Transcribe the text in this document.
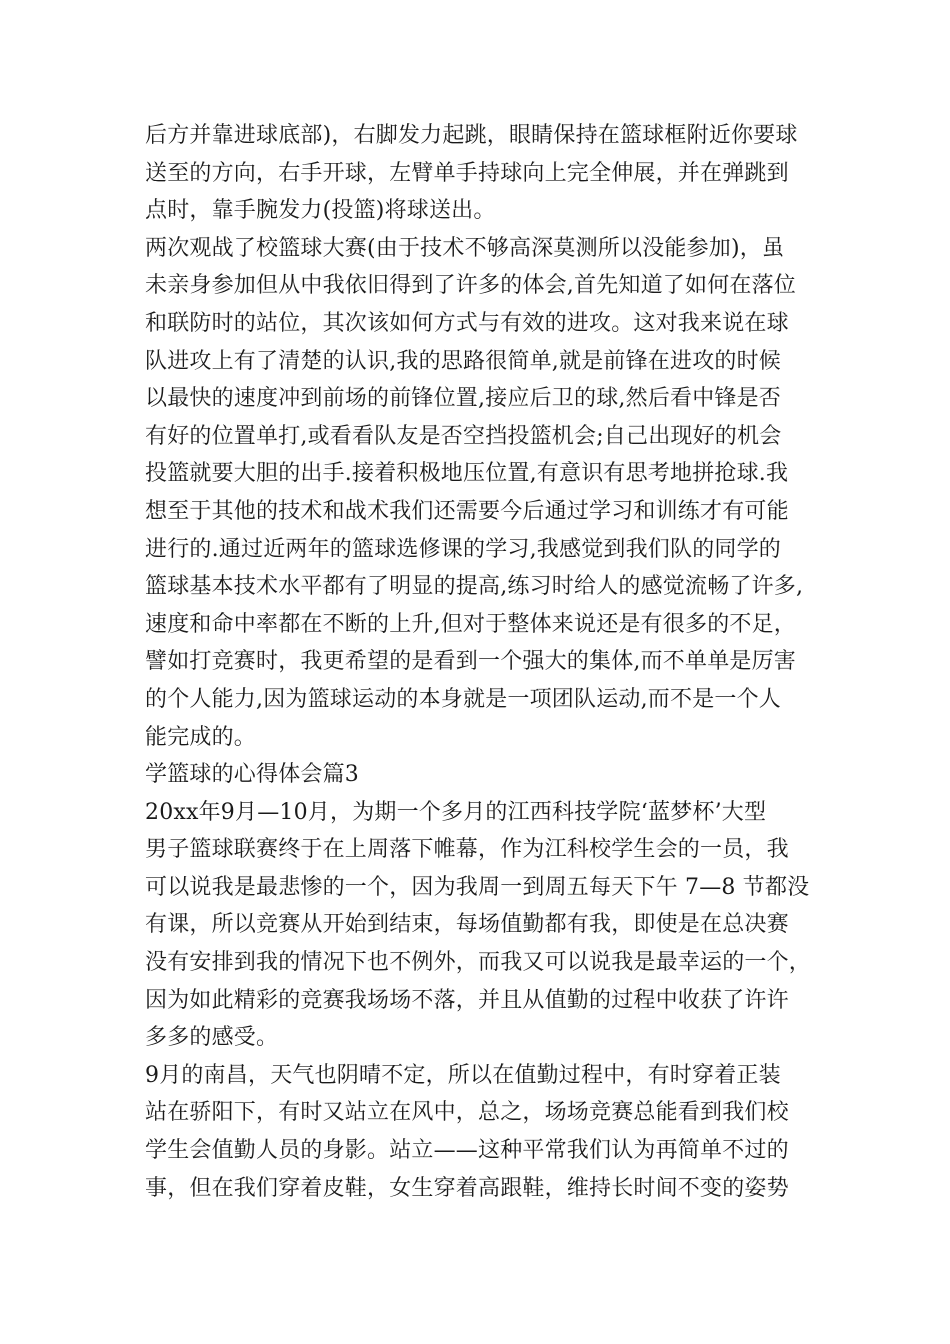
后方并靠进球底部)，右脚发力起跳，眼睛保持在篮球框附近你要球
送至的方向，右手开球，左臂单手持球向上完全伸展，并在弹跳到
点时，靠手腕发力(投篮)将球送出。
两次观战了校篮球大赛(由于技术不够高深莫测所以没能参加)，虽
未亲身参加但从中我依旧得到了许多的体会,首先知道了如何在落位
和联防时的站位，其次该如何方式与有效的进攻。这对我来说在球
队进攻上有了清楚的认识,我的思路很简单,就是前锋在进攻的时候
以最快的速度冲到前场的前锋位置,接应后卫的球,然后看中锋是否
有好的位置单打,或看看队友是否空挡投篮机会;自己出现好的机会
投篮就要大胆的出手.接着积极地压位置,有意识有思考地拼抢球.我
想至于其他的技术和战术我们还需要今后通过学习和训练才有可能
进行的.通过近两年的篮球选修课的学习,我感觉到我们队的同学的
篮球基本技术水平都有了明显的提高,练习时给人的感觉流畅了许多,
速度和命中率都在不断的上升,但对于整体来说还是有很多的不足，
譬如打竞赛时，我更希望的是看到一个强大的集体,而不单单是厉害
的个人能力,因为篮球运动的本身就是一项团队运动,而不是一个人
能完成的。
学篮球的心得体会篇3
20xx年9月—10月，为期一个多月的江西科技学院‘蓝梦杯’大型
男子篮球联赛终于在上周落下帷幕，作为江科校学生会的一员，我
可以说我是最悲惨的一个，因为我周一到周五每天下午 7—8 节都没
有课，所以竞赛从开始到结束，每场值勤都有我，即使是在总决赛
没有安排到我的情况下也不例外，而我又可以说我是最幸运的一个，
因为如此精彩的竞赛我场场不落，并且从值勤的过程中收获了许许
多多的感受。
9月的南昌，天气也阴晴不定，所以在值勤过程中，有时穿着正装
站在骄阳下，有时又站立在风中，总之，场场竞赛总能看到我们校
学生会值勤人员的身影。站立——这种平常我们认为再简单不过的
事，但在我们穿着皮鞋，女生穿着高跟鞋，维持长时间不变的姿势
